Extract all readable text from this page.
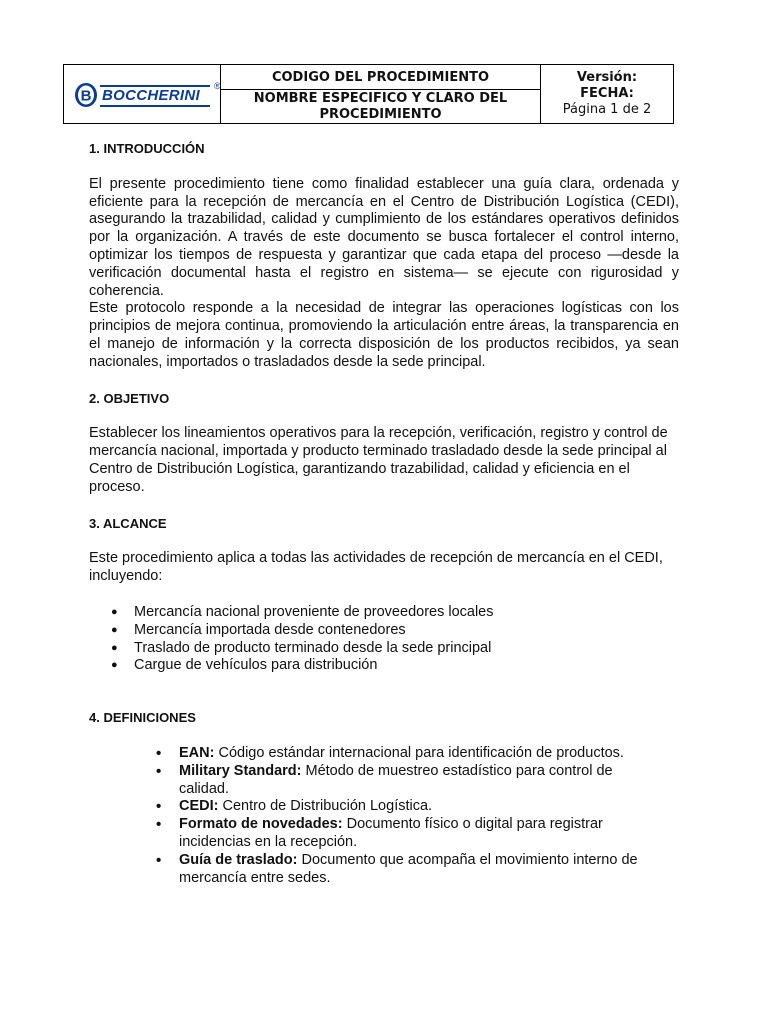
B BOCCHERINI
®
CODIGO DEL PROCEDIMIENTO
NOMBRE ESPECIFICO Y CLARO DEL PROCEDIMIENTO
Versión:
FECHA:
Página 1 de 2

1. INTRODUCCIÓN

El presente procedimiento tiene como finalidad establecer una guía clara, ordenada y eficiente para la recepción de mercancía en el Centro de Distribución Logística (CEDI), asegurando la trazabilidad, calidad y cumplimiento de los estándares operativos definidos por la organización. A través de este documento se busca fortalecer el control interno, optimizar los tiempos de respuesta y garantizar que cada etapa del proceso —desde la verificación documental hasta el registro en sistema— se ejecute con rigurosidad y coherencia.

Este protocolo responde a la necesidad de integrar las operaciones logísticas con los principios de mejora continua, promoviendo la articulación entre áreas, la transparencia en el manejo de información y la correcta disposición de los productos recibidos, ya sean nacionales, importados o trasladados desde la sede principal.

2. OBJETIVO

Establecer los lineamientos operativos para la recepción, verificación, registro y control de mercancía nacional, importada y producto terminado trasladado desde la sede principal al Centro de Distribución Logística, garantizando trazabilidad, calidad y eficiencia en el proceso.

3. ALCANCE

Este procedimiento aplica a todas las actividades de recepción de mercancía en el CEDI, incluyendo:

● Mercancía nacional proveniente de proveedores locales
● Mercancía importada desde contenedores
● Traslado de producto terminado desde la sede principal
● Cargue de vehículos para distribución

4. DEFINICIONES

• EAN: Código estándar internacional para identificación de productos.
• Military Standard: Método de muestreo estadístico para control de calidad.
• CEDI: Centro de Distribución Logística.
• Formato de novedades: Documento físico o digital para registrar incidencias en la recepción.
• Guía de traslado: Documento que acompaña el movimiento interno de mercancía entre sedes.
